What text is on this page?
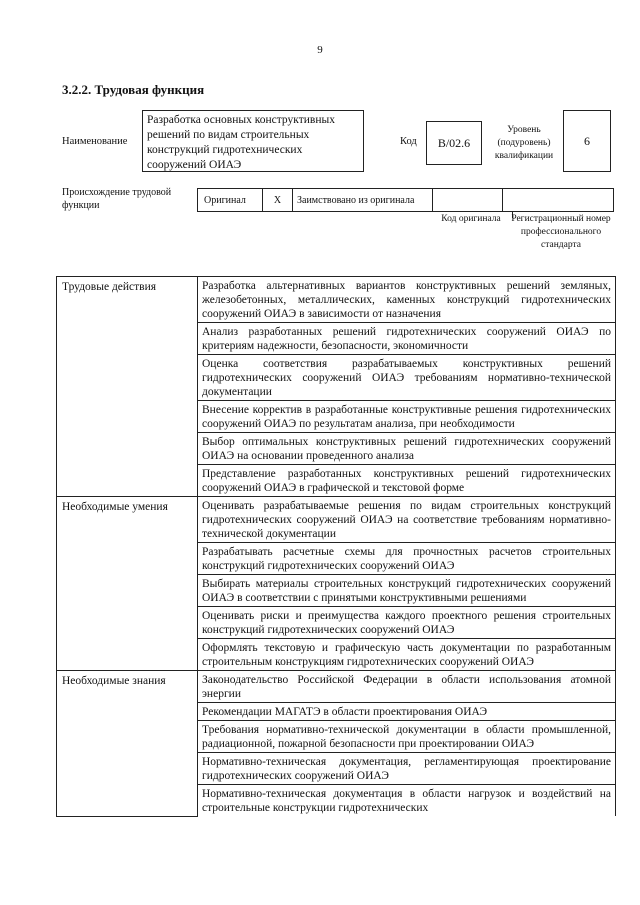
9
3.2.2. Трудовая функция
Наименование
Разработка основных конструктивных решений по видам строительных конструкций гидротехнических сооружений ОИАЭ
Код	B/02.6
Уровень (подуровень) квалификации
6
Происхождение трудовой функции	Оригинал	X	Заимствовано из оригинала
Код оригинала	Регистрационный номер профессионального стандарта
Трудовые действия	Разработка альтернативных вариантов конструктивных решений земляных, железобетонных, металлических, каменных конструкций гидротехнических сооружений ОИАЭ в зависимости от назначения
	Анализ разработанных решений гидротехнических сооружений ОИАЭ по критериям надежности, безопасности, экономичности
	Оценка соответствия разрабатываемых конструктивных решений гидротехнических сооружений ОИАЭ требованиям нормативно-технической документации
	Внесение корректив в разработанные конструктивные решения гидротехнических сооружений ОИАЭ по результатам анализа, при необходимости
	Выбор оптимальных конструктивных решений гидротехнических сооружений ОИАЭ на основании проведенного анализа
	Представление разработанных конструктивных решений гидротехнических сооружений ОИАЭ в графической и текстовой форме
Необходимые умения	Оценивать разрабатываемые решения по видам строительных конструкций гидротехнических сооружений ОИАЭ на соответствие требованиям нормативно-технической документации
	Разрабатывать расчетные схемы для прочностных расчетов строительных конструкций гидротехнических сооружений ОИАЭ
	Выбирать материалы строительных конструкций гидротехнических сооружений ОИАЭ в соответствии с принятыми конструктивными решениями
	Оценивать риски и преимущества каждого проектного решения строительных конструкций гидротехнических сооружений ОИАЭ
	Оформлять текстовую и графическую часть документации по разработанным строительным конструкциям гидротехнических сооружений ОИАЭ
Необходимые знания	Законодательство Российской Федерации в области использования атомной энергии
	Рекомендации МАГАТЭ в области проектирования ОИАЭ
	Требования нормативно-технической документации в области промышленной, радиационной, пожарной безопасности при проектировании ОИАЭ
	Нормативно-техническая документация, регламентирующая проектирование гидротехнических сооружений ОИАЭ
	Нормативно-техническая документация в области нагрузок и воздействий на строительные конструкции гидротехнических
